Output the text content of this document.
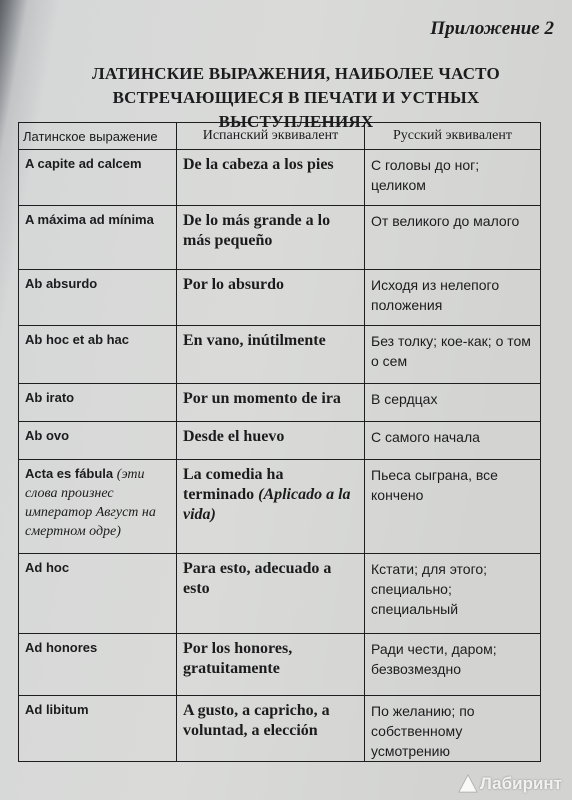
Приложение 2
ЛАТИНСКИЕ ВЫРАЖЕНИЯ, НАИБОЛЕЕ ЧАСТО
ВСТРЕЧАЮЩИЕСЯ В ПЕЧАТИ И УСТНЫХ ВЫСТУПЛЕНИЯХ
Латинское выражение	Испанский эквивалент	Русский эквивалент
A capite ad calcem	De la cabeza a los pies	С головы до ног; целиком
A máxima ad mínima	De lo más grande a lo más pequeño	От великого до малого
Ab absurdo	Por lo absurdo	Исходя из нелепого положения
Ab hoc et ab hac	En vano, inútilmente	Без толку; кое-как; о том о сем
Ab irato	Por un momento de ira	В сердцах
Ab ovo	Desde el huevo	С самого начала
Acta es fábula (эти слова произнес император Август на смертном одре)	La comedia ha terminado (Aplicado a la vida)	Пьеса сыграна, все кончено
Ad hoc	Para esto, adecuado a esto	Кстати; для этого; специально; специальный
Ad honores	Por los honores, gratuitamente	Ради чести, даром; безвозмездно
Ad libitum	A gusto, a capricho, a voluntad, a elección	По желанию; по собственному усмотрению
Лабиринт
